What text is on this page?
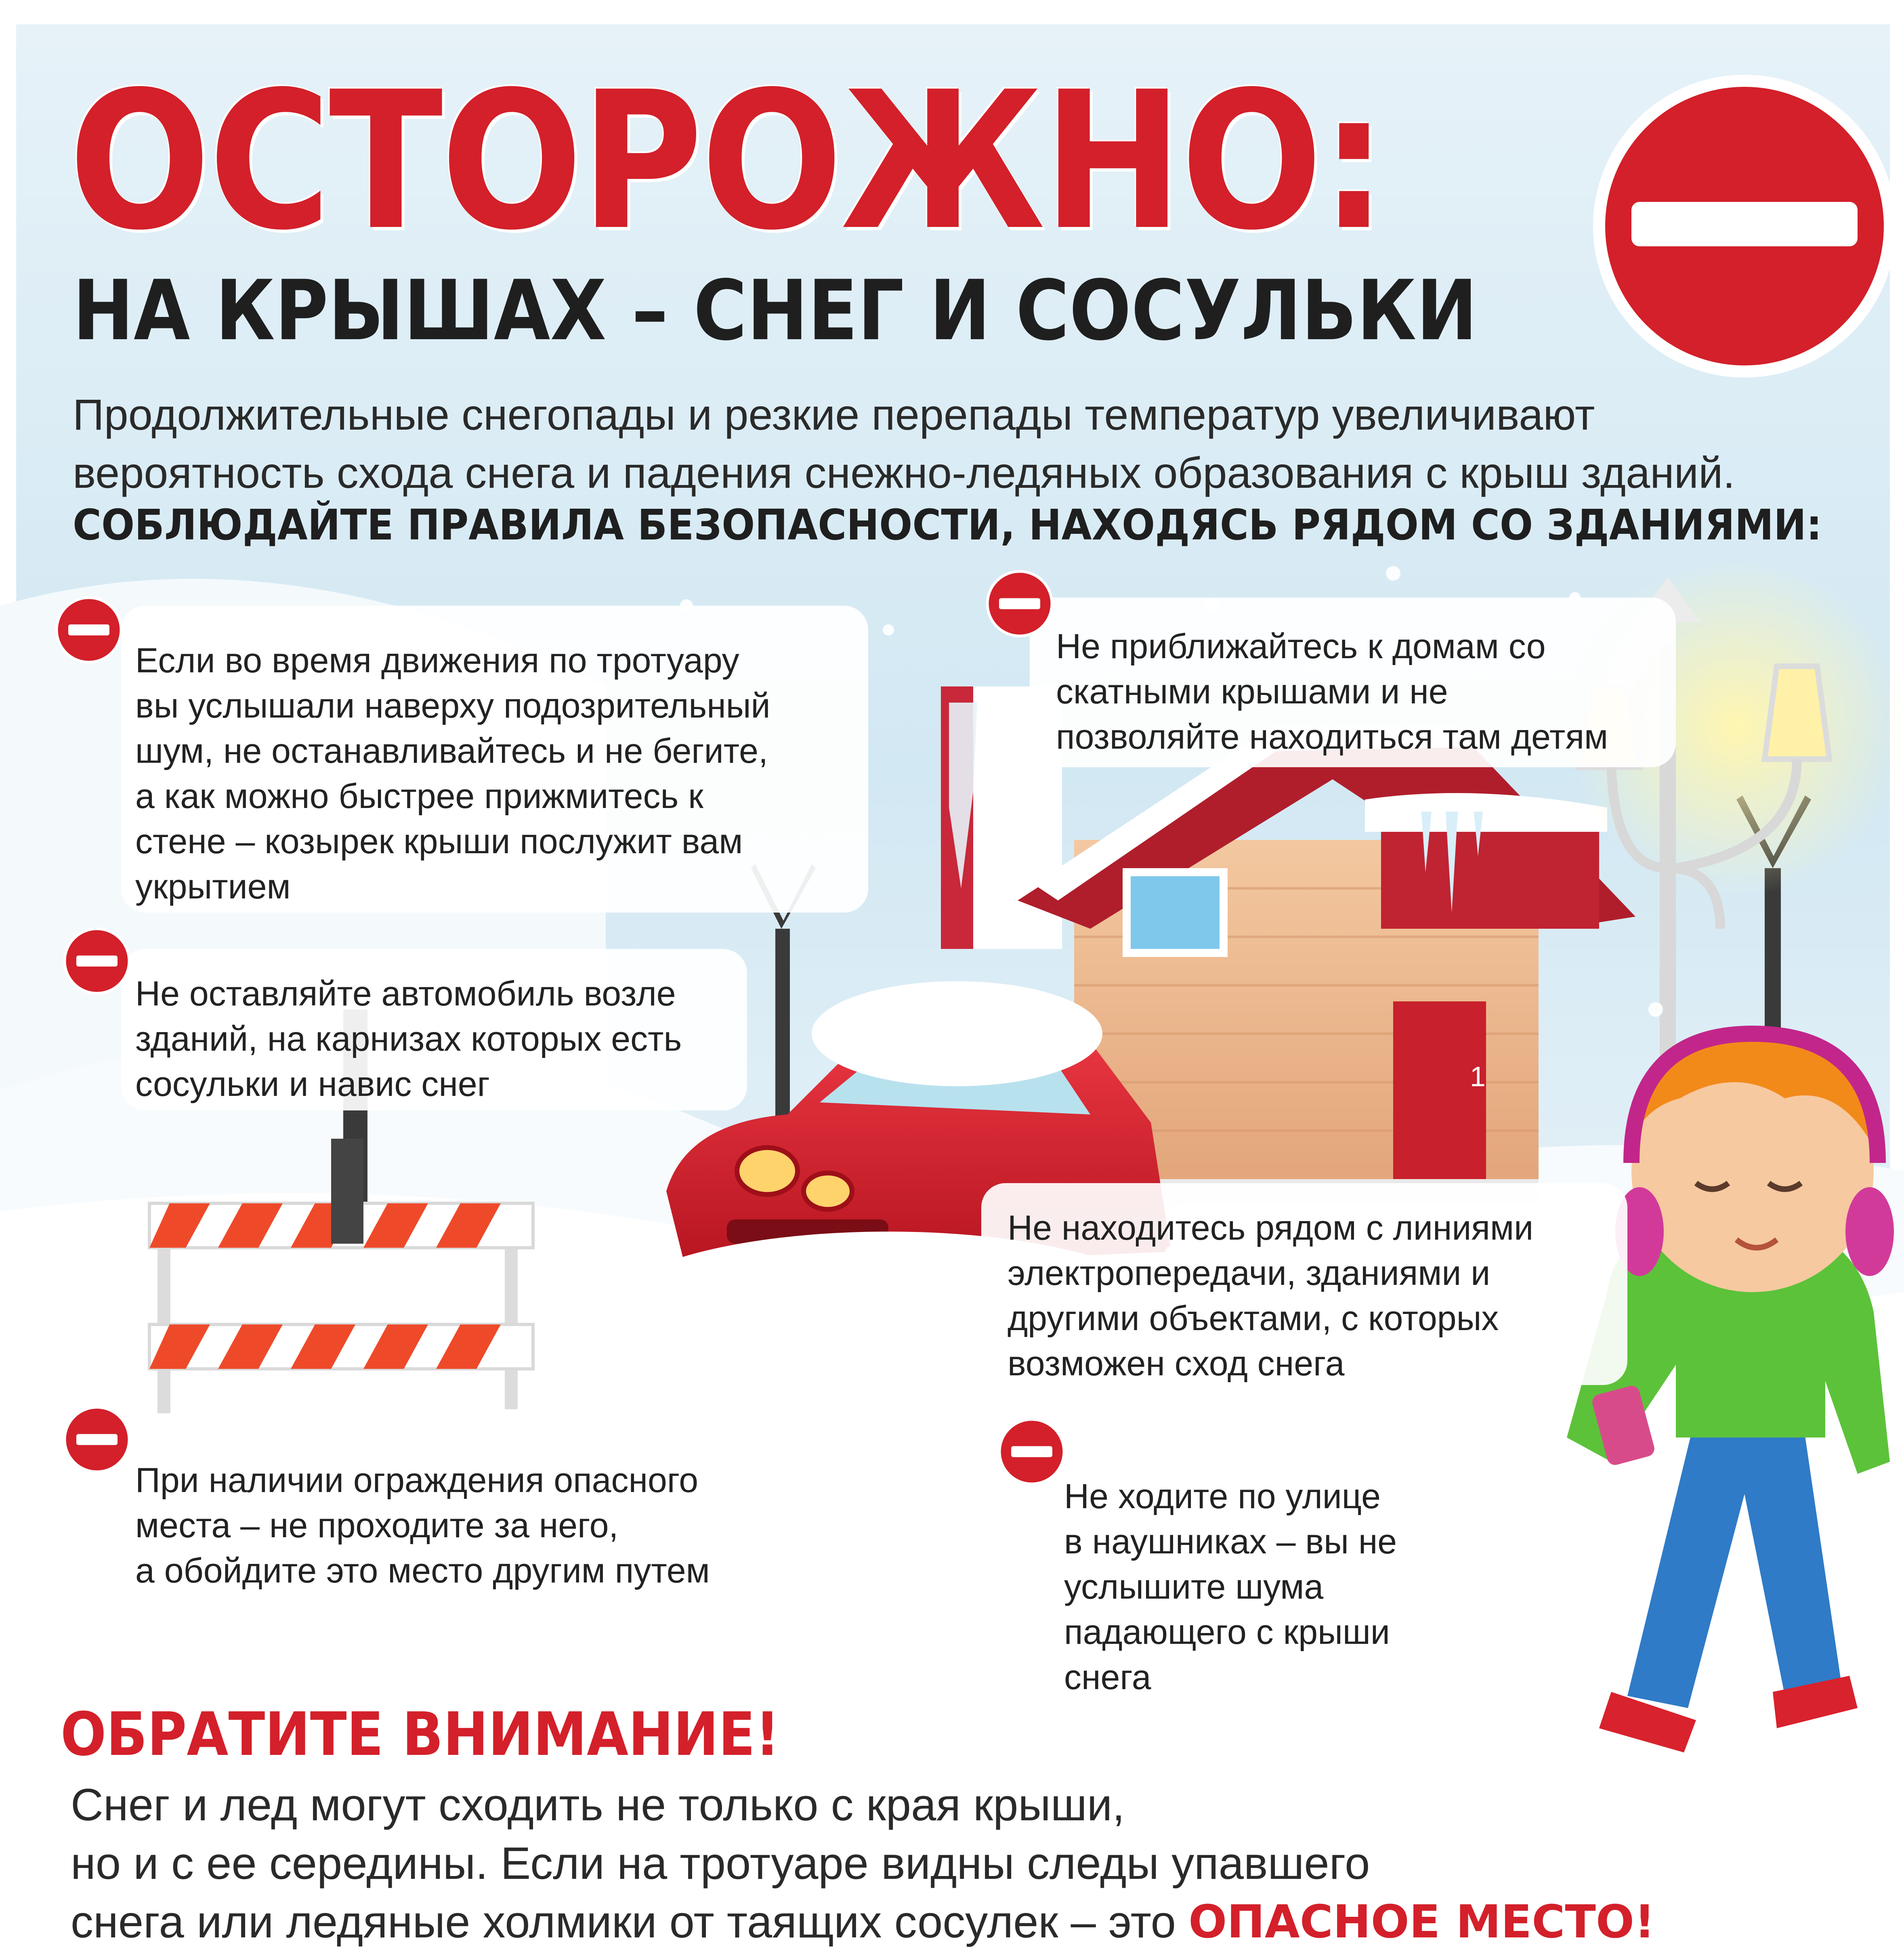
1
ОСТОРОЖНО:
НА КРЫШАХ – СНЕГ И СОСУЛЬКИ
Продолжительные снегопады и резкие перепады температур увеличивают
вероятность схода снега и падения снежно-ледяных образования с крыш зданий.
СОБЛЮДАЙТЕ ПРАВИЛА БЕЗОПАСНОСТИ, НАХОДЯСЬ РЯДОМ СО ЗДАНИЯМИ:
Если во время движения по тротуару
вы услышали наверху подозрительный
шум, не останавливайтесь и не бегите,
а как можно быстрее прижмитесь к
стене – козырек крыши послужит вам
укрытием
Не приближайтесь к домам со
скатными крышами и не
позволяйте находиться там детям
Не оставляйте автомобиль возле
зданий, на карнизах которых есть
сосульки и навис снег
Не находитесь рядом с линиями
электропередачи, зданиями и
другими объектами, с которых
возможен сход снега
При наличии ограждения опасного
места – не проходите за него,
а обойдите это место другим путем
Не ходите по улице
в наушниках – вы не
услышите шума
падающего с крыши
снега
ОБРАТИТЕ ВНИМАНИЕ!
Снег и лед могут сходить не только с края крыши,
но и с ее середины. Если на тротуаре видны следы упавшего
снега или ледяные холмики от таящих сосулек – это ОПАСНОЕ МЕСТО!
